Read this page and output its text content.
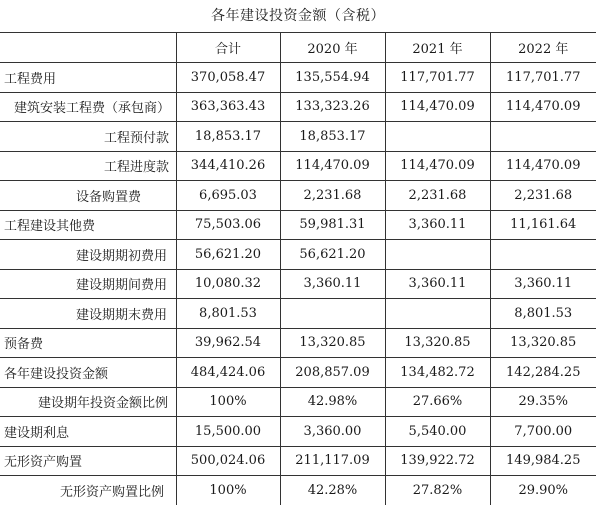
各年建设投资金额（含税）
	合计	2020 年	2021 年	2022 年
工程费用	370,058.47	135,554.94	117,701.77	117,701.77
建筑安装工程费（承包商）	363,363.43	133,323.26	114,470.09	114,470.09
工程预付款	18,853.17	18,853.17		
工程进度款	344,410.26	114,470.09	114,470.09	114,470.09
设备购置费	6,695.03	2,231.68	2,231.68	2,231.68
工程建设其他费	75,503.06	59,981.31	3,360.11	11,161.64
建设期期初费用	56,621.20	56,621.20		
建设期期间费用	10,080.32	3,360.11	3,360.11	3,360.11
建设期期末费用	8,801.53			8,801.53
预备费	39,962.54	13,320.85	13,320.85	13,320.85
各年建设投资金额	484,424.06	208,857.09	134,482.72	142,284.25
建设期年投资金额比例	100%	42.98%	27.66%	29.35%
建设期利息	15,500.00	3,360.00	5,540.00	7,700.00
无形资产购置	500,024.06	211,117.09	139,922.72	149,984.25
无形资产购置比例	100%	42.28%	27.82%	29.90%
